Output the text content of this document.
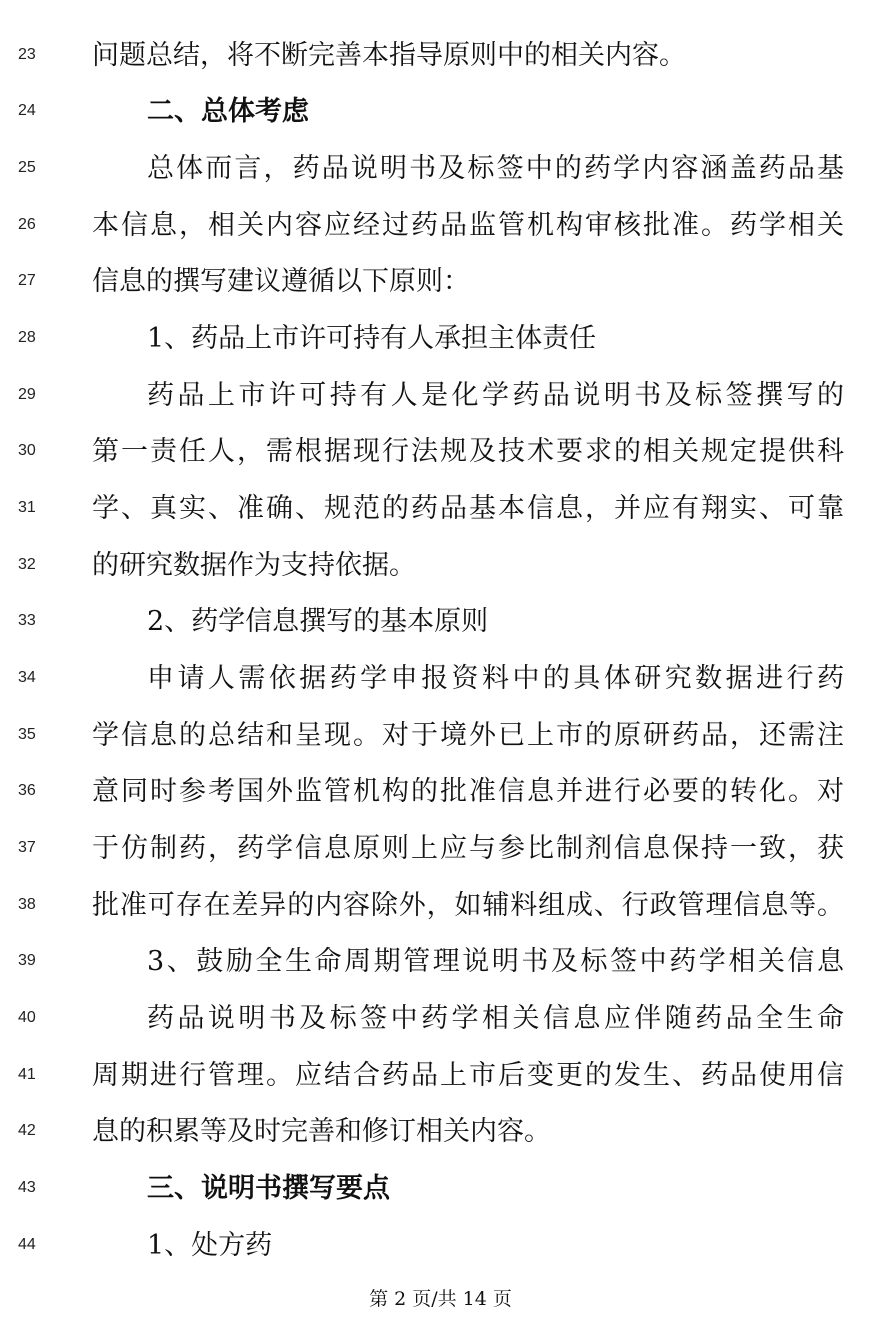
23	问题总结，将不断完善本指导原则中的相关内容。
24	二、总体考虑
25	总体而言，药品说明书及标签中的药学内容涵盖药品基
26	本信息，相关内容应经过药品监管机构审核批准。药学相关
27	信息的撰写建议遵循以下原则：
28	1、药品上市许可持有人承担主体责任
29	药品上市许可持有人是化学药品说明书及标签撰写的
30	第一责任人，需根据现行法规及技术要求的相关规定提供科
31	学、真实、准确、规范的药品基本信息，并应有翔实、可靠
32	的研究数据作为支持依据。
33	2、药学信息撰写的基本原则
34	申请人需依据药学申报资料中的具体研究数据进行药
35	学信息的总结和呈现。对于境外已上市的原研药品，还需注
36	意同时参考国外监管机构的批准信息并进行必要的转化。对
37	于仿制药，药学信息原则上应与参比制剂信息保持一致，获
38	批准可存在差异的内容除外，如辅料组成、行政管理信息等。
39	3、鼓励全生命周期管理说明书及标签中药学相关信息
40	药品说明书及标签中药学相关信息应伴随药品全生命
41	周期进行管理。应结合药品上市后变更的发生、药品使用信
42	息的积累等及时完善和修订相关内容。
43	三、说明书撰写要点
44	1、处方药
第 2 页/共 14 页
